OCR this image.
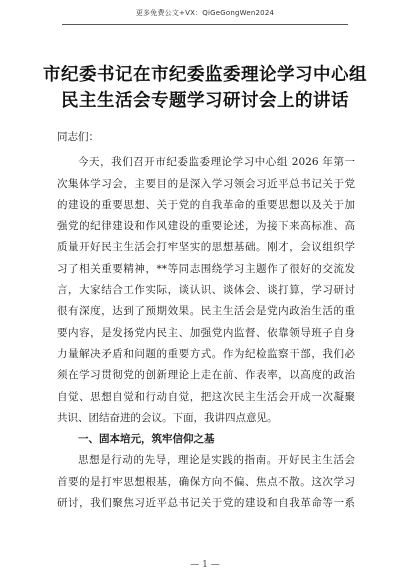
更多免费公文+VX：QiGeGongWen2024
市纪委书记在市纪委监委理论学习中心组
民主生活会专题学习研讨会上的讲话
同志们：
今天，我们召开市纪委监委理论学习中心组 2026 年第一
次集体学习会，主要目的是深入学习领会习近平总书记关于党
的建设的重要思想、关于党的自我革命的重要思想以及关于加
强党的纪律建设和作风建设的重要论述，为接下来高标准、高
质量开好民主生活会打牢坚实的思想基础。刚才，会议组织学
习了相关重要精神，**等同志围绕学习主题作了很好的交流发
言，大家结合工作实际，谈认识、谈体会、谈打算，学习研讨
很有深度，达到了预期效果。民主生活会是党内政治生活的重
要内容，是发扬党内民主、加强党内监督、依靠领导班子自身
力量解决矛盾和问题的重要方式。作为纪检监察干部，我们必
须在学习贯彻党的创新理论上走在前、作表率，以高度的政治
自觉、思想自觉和行动自觉，把这次民主生活会开成一次凝聚
共识、团结奋进的会议。下面，我讲四点意见。
一、固本培元，筑牢信仰之基
思想是行动的先导，理论是实践的指南。开好民主生活会
首要的是打牢思想根基，确保方向不偏、焦点不散。这次学习
研讨，我们聚焦习近平总书记关于党的建设和自我革命等一系
— 1 —
